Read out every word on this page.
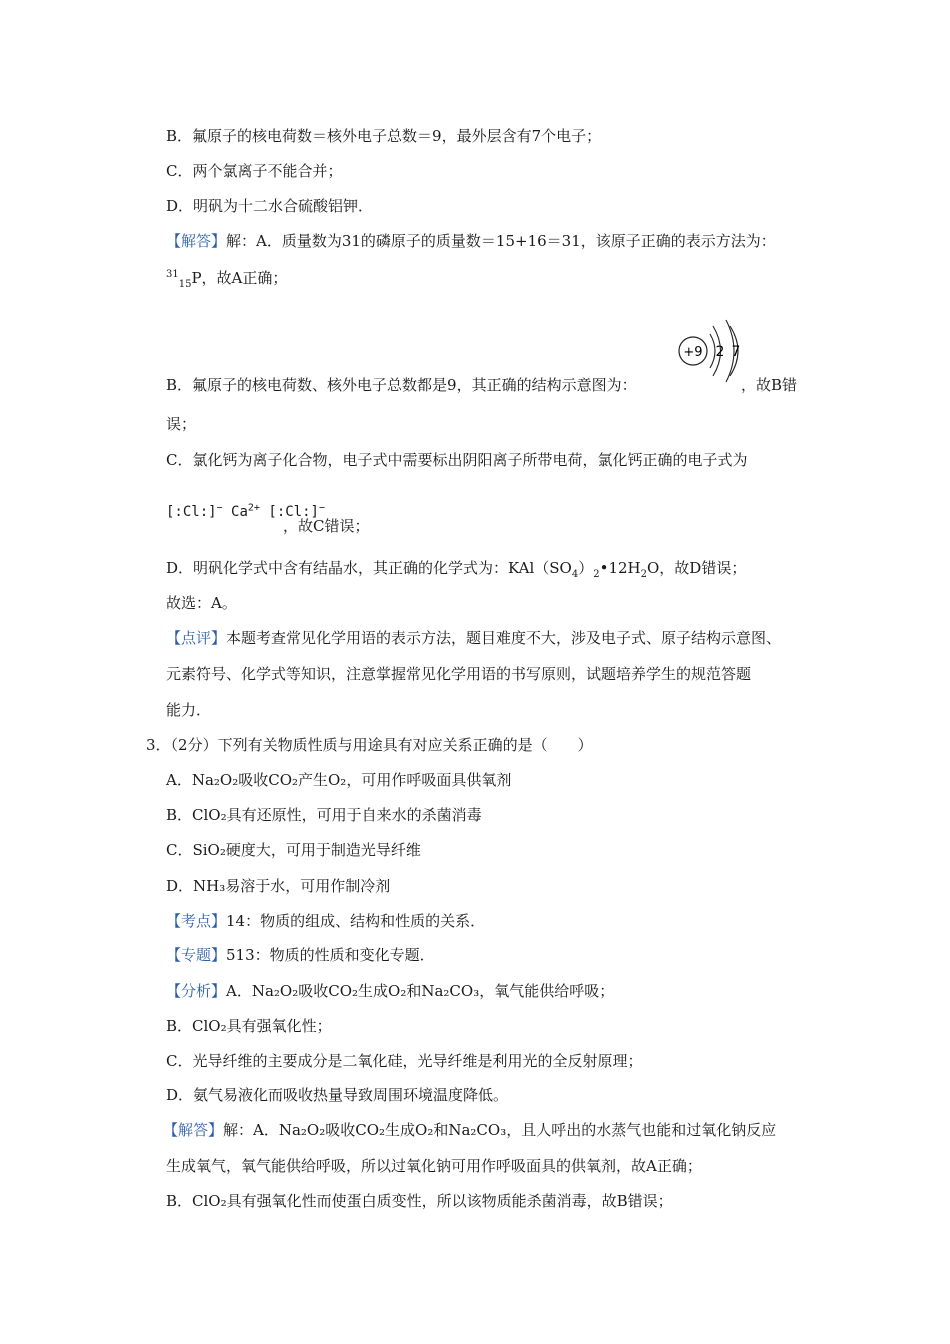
B．氟原子的核电荷数＝核外电子总数＝9，最外层含有7个电子；
C．两个氯离子不能合并；
D．明矾为十二水合硫酸铝钾．
【解答】解：A．质量数为31的磷原子的质量数＝15+16＝31，该原子正确的表示方法为：
$^{31}_{15}$P，故A正确；
+9 2 7
B．氟原子的核电荷数、核外电子总数都是9，其正确的结构示意图为：	，故B错
误；
C．氯化钙为离子化合物，电子式中需要标出阴阳离子所带电荷，氯化钙正确的电子式为
[:Cl:]− $Ca^{2+}$ [:Cl:]−
，故C错误；
D．明矾化学式中含有结晶水，其正确的化学式为：$KAl(SO_4)_2•12H_2O$，故D错误；
故选：A。
【点评】本题考查常见化学用语的表示方法，题目难度不大，涉及电子式、原子结构示意图、
元素符号、化学式等知识，注意掌握常见化学用语的书写原则，试题培养学生的规范答题
能力．
3．（2分）下列有关物质性质与用途具有对应关系正确的是（　　）
A．Na₂O₂吸收CO₂产生O₂，可用作呼吸面具供氧剂
B．ClO₂具有还原性，可用于自来水的杀菌消毒
C．SiO₂硬度大，可用于制造光导纤维
D．NH₃易溶于水，可用作制冷剂
【考点】14：物质的组成、结构和性质的关系．
【专题】513：物质的性质和变化专题．
【分析】A．Na₂O₂吸收CO₂生成O₂和Na₂CO₃，氧气能供给呼吸；
B．ClO₂具有强氧化性；
C．光导纤维的主要成分是二氧化硅，光导纤维是利用光的全反射原理；
D．氨气易液化而吸收热量导致周围环境温度降低。
【解答】解：A．Na₂O₂吸收CO₂生成O₂和Na₂CO₃，且人呼出的水蒸气也能和过氧化钠反应
生成氧气，氧气能供给呼吸，所以过氧化钠可用作呼吸面具的供氧剂，故A正确；
B．ClO₂具有强氧化性而使蛋白质变性，所以该物质能杀菌消毒，故B错误；
